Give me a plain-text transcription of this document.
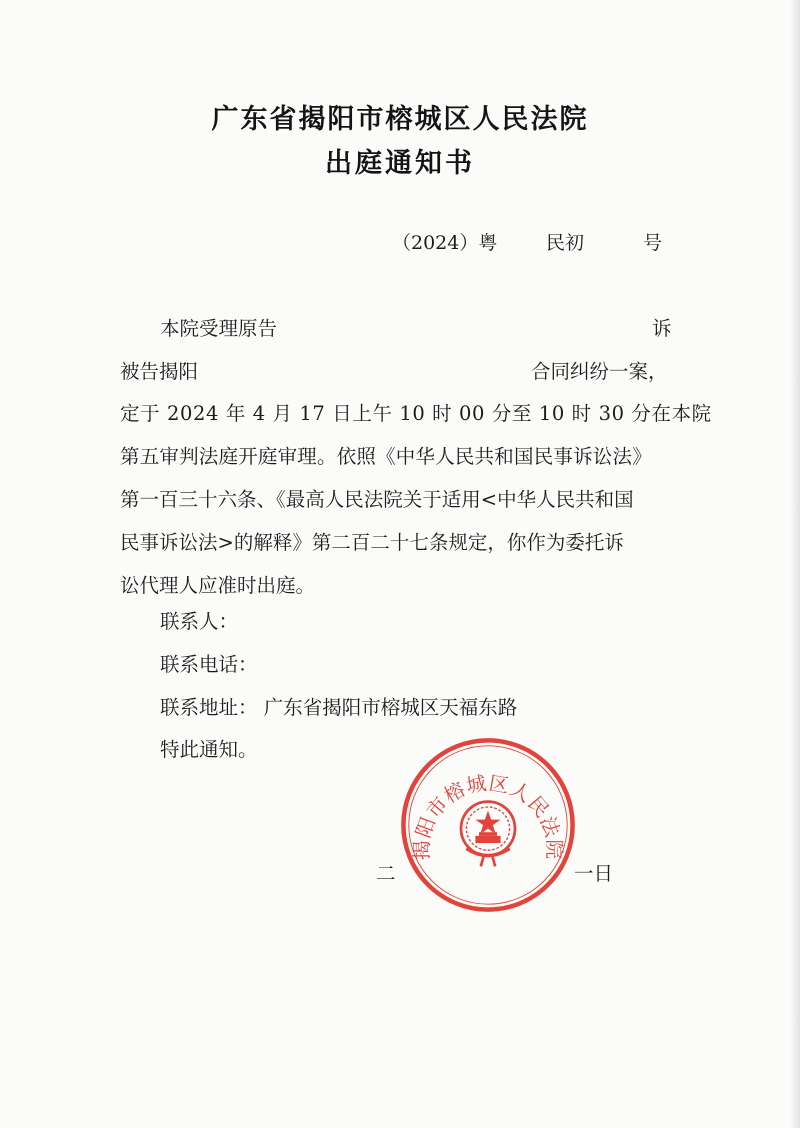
广东省揭阳市榕城区人民法院
出庭通知书
（2024）粤	民初	号
本院受理原告	诉
被告揭阳	合同纠纷一案，
定于 2024 年 4 月 17 日上午 10 时 00 分至 10 时 30 分在本院
第五审判法庭开庭审理。依照《中华人民共和国民事诉讼法》
第一百三十六条、《最高人民法院关于适用<中华人民共和国
民事诉讼法>的解释》第二百二十七条规定，你作为委托诉
讼代理人应准时出庭。
联系人：
联系电话：
联系地址： 广东省揭阳市榕城区天福东路
特此通知。
二	一日
揭阳市榕城区人民法院
